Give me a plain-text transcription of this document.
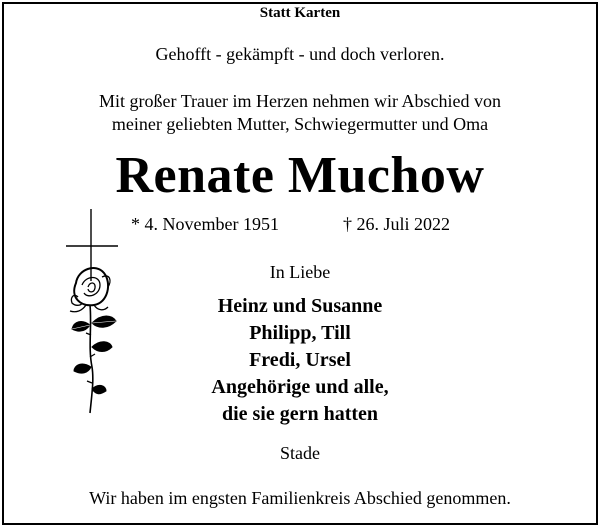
Statt Karten
Gehofft - gekämpft - und doch verloren.
Mit großer Trauer im Herzen nehmen wir Abschied von
meiner geliebten Mutter, Schwiegermutter und Oma
Renate Muchow
* 4. November 1951	† 26. Juli 2022
In Liebe
Heinz und Susanne
Philipp, Till
Fredi, Ursel
Angehörige und alle,
die sie gern hatten
Stade
Wir haben im engsten Familienkreis Abschied genommen.
